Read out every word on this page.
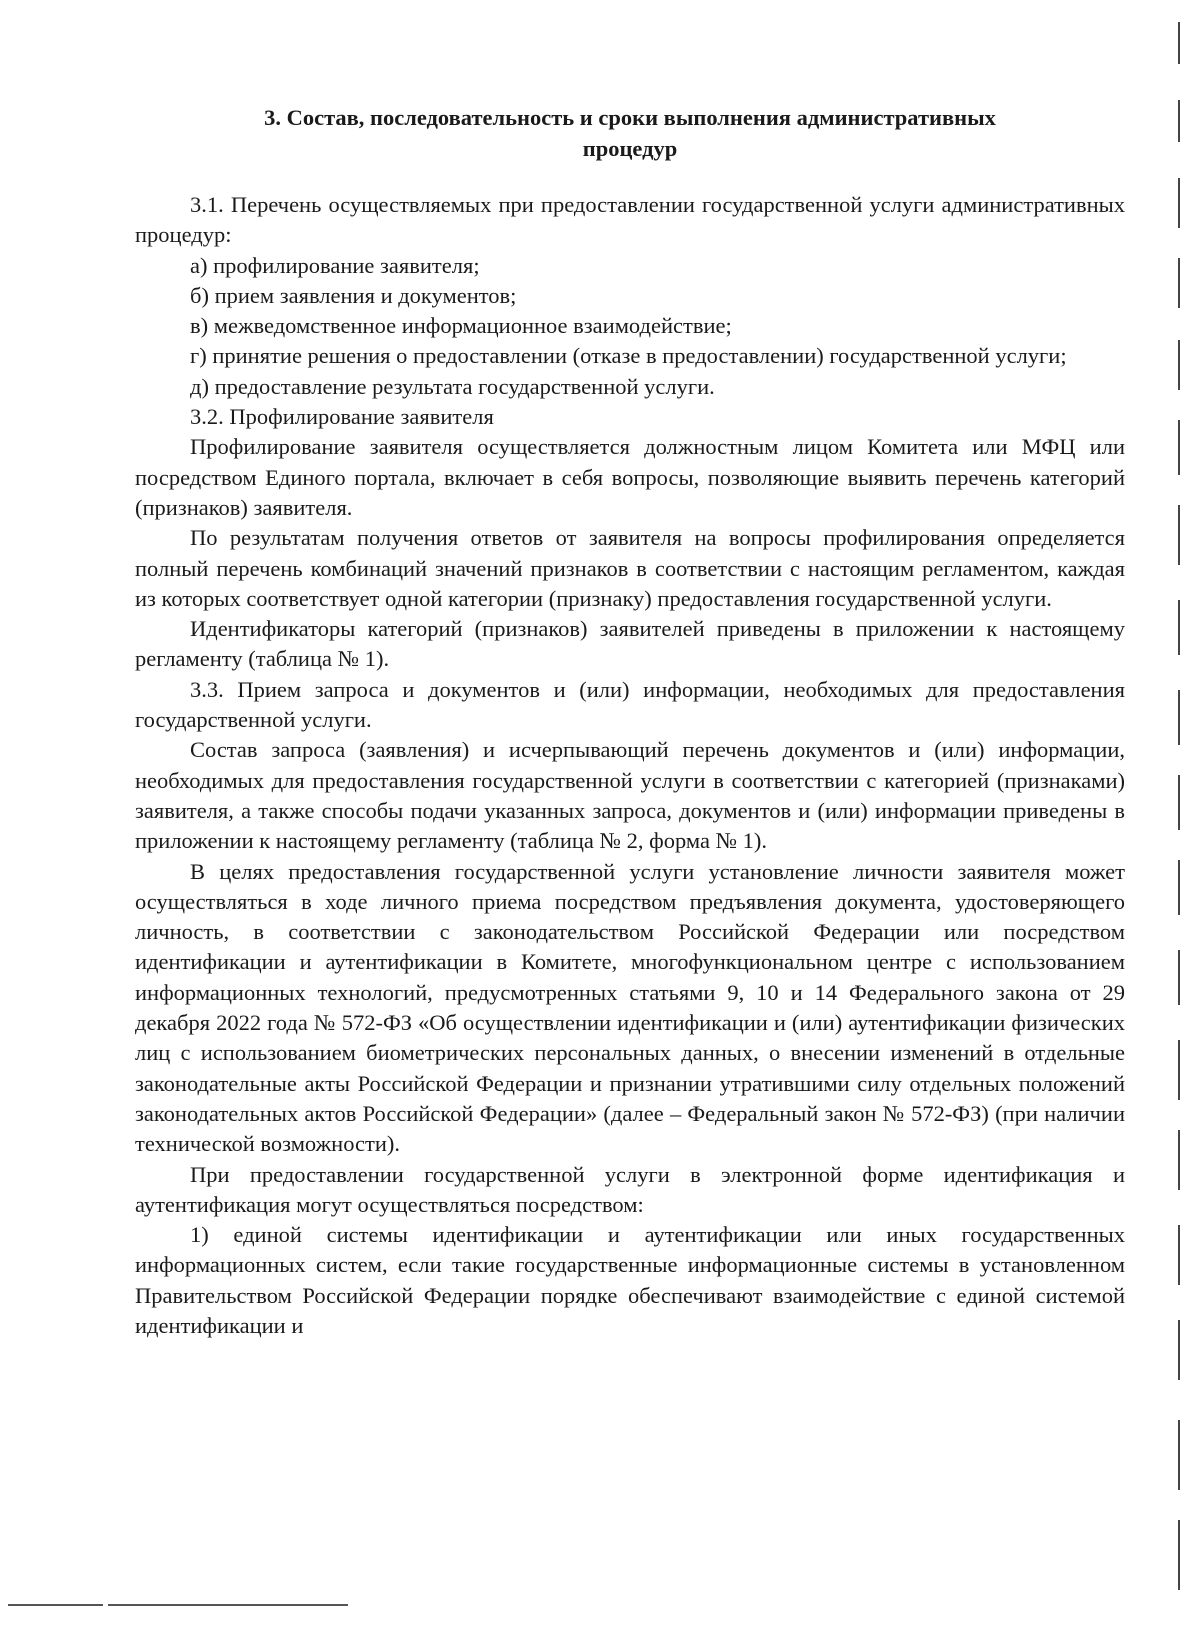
3. Состав, последовательность и сроки выполнения административных
процедур

3.1. Перечень осуществляемых при предоставлении государственной услуги административных процедур:

а) профилирование заявителя;

б) прием заявления и документов;

в) межведомственное информационное взаимодействие;

г) принятие решения о предоставлении (отказе в предоставлении) государственной услуги;

д) предоставление результата государственной услуги.

3.2. Профилирование заявителя

Профилирование заявителя осуществляется должностным лицом Комитета или МФЦ или посредством Единого портала, включает в себя вопросы, позволяющие выявить перечень категорий (признаков) заявителя.

По результатам получения ответов от заявителя на вопросы профилирования определяется полный перечень комбинаций значений признаков в соответствии с настоящим регламентом, каждая из которых соответствует одной категории (признаку) предоставления государственной услуги.

Идентификаторы категорий (признаков) заявителей приведены в приложении к настоящему регламенту (таблица № 1).

3.3. Прием запроса и документов и (или) информации, необходимых для предоставления государственной услуги.

Состав запроса (заявления) и исчерпывающий перечень документов и (или) информации, необходимых для предоставления государственной услуги в соответствии с категорией (признаками) заявителя, а также способы подачи указанных запроса, документов и (или) информации приведены в приложении к настоящему регламенту (таблица № 2, форма № 1).

В целях предоставления государственной услуги установление личности заявителя может осуществляться в ходе личного приема посредством предъявления документа, удостоверяющего личность, в соответствии с законодательством Российской Федерации или посредством идентификации и аутентификации в Комитете, многофункциональном центре с использованием информационных технологий, предусмотренных статьями 9, 10 и 14 Федерального закона от 29 декабря 2022 года № 572-ФЗ «Об осуществлении идентификации и (или) аутентификации физических лиц с использованием биометрических персональных данных, о внесении изменений в отдельные законодательные акты Российской Федерации и признании утратившими силу отдельных положений законодательных актов Российской Федерации» (далее – Федеральный закон № 572-ФЗ) (при наличии технической возможности).

При предоставлении государственной услуги в электронной форме идентификация и аутентификация могут осуществляться посредством:

1) единой системы идентификации и аутентификации или иных государственных информационных систем, если такие государственные информационные системы в установленном Правительством Российской Федерации порядке обеспечивают взаимодействие с единой системой идентификации и
